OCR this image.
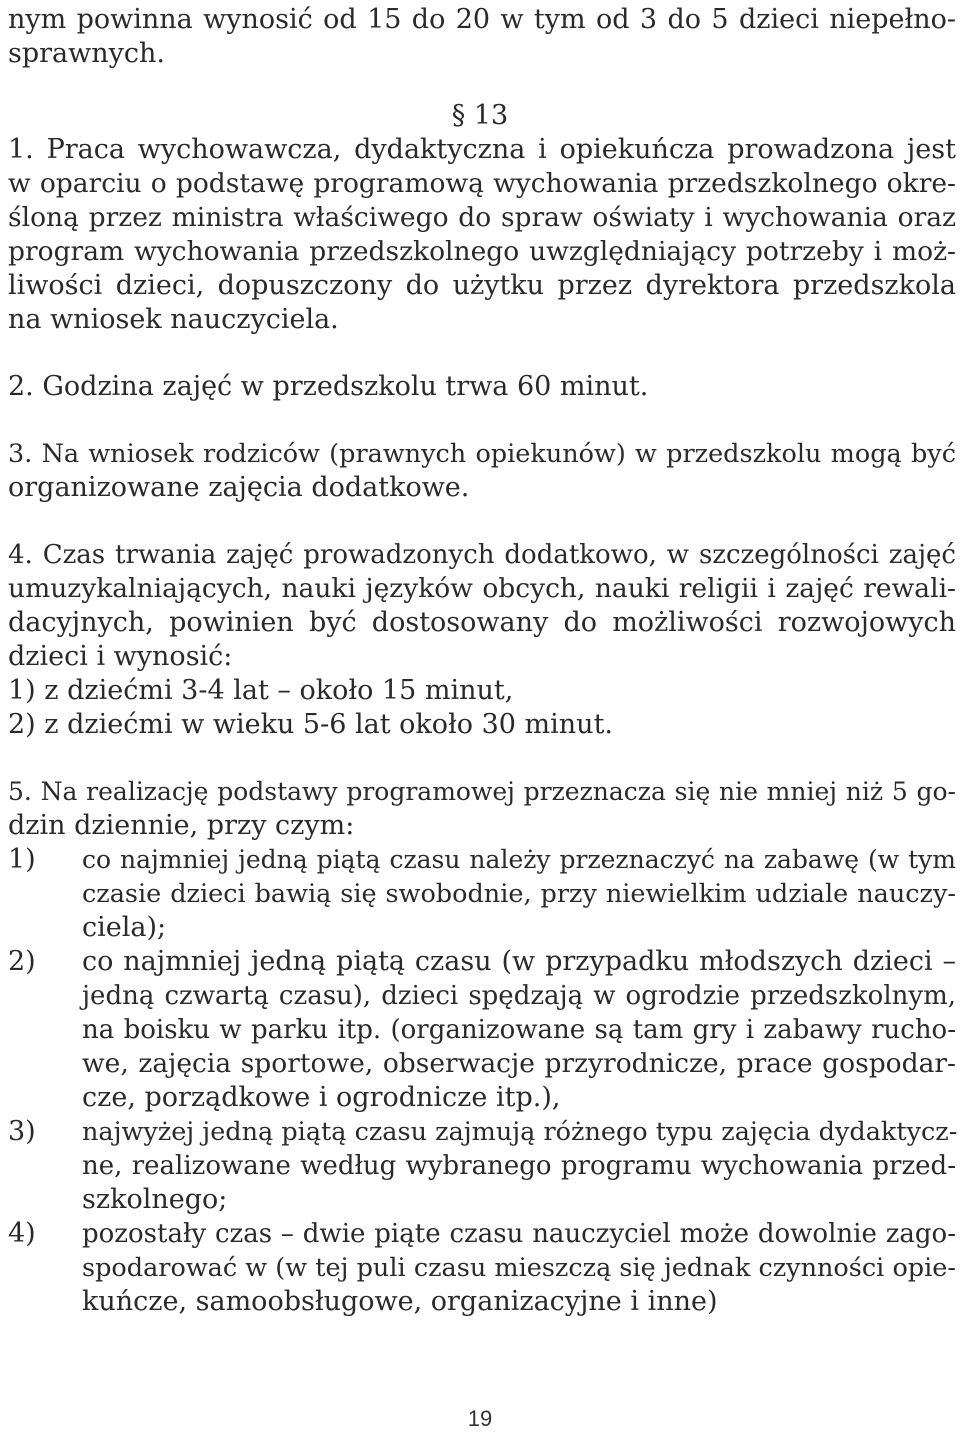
nym powinna wynosić od 15 do 20 w tym od 3 do 5 dzieci niepełno-

sprawnych.

§ 13

1. Praca wychowawcza, dydaktyczna i opiekuńcza prowadzona jest

w oparciu o podstawę programową wychowania przedszkolnego okre-

śloną przez ministra właściwego do spraw oświaty i wychowania oraz

program wychowania przedszkolnego uwzględniający potrzeby i moż-

liwości dzieci, dopuszczony do użytku przez dyrektora przedszkola

na wniosek nauczyciela.

2. Godzina zajęć w przedszkolu trwa 60 minut.

3. Na wniosek rodziców (prawnych opiekunów) w przedszkolu mogą być

organizowane zajęcia dodatkowe.

4. Czas trwania zajęć prowadzonych dodatkowo, w szczególności zajęć

umuzykalniających, nauki języków obcych, nauki religii i zajęć rewali-

dacyjnych, powinien być dostosowany do możliwości rozwojowych

dzieci i wynosić:

1) z dziećmi 3-4 lat – około 15 minut,

2) z dziećmi w wieku 5-6 lat około 30 minut.

5. Na realizację podstawy programowej przeznacza się nie mniej niż 5 go-

dzin dziennie, przy czym:

1) co najmniej jedną piątą czasu należy przeznaczyć na zabawę (w tym

czasie dzieci bawią się swobodnie, przy niewielkim udziale nauczy-

ciela);

2) co najmniej jedną piątą czasu (w przypadku młodszych dzieci –

jedną czwartą czasu), dzieci spędzają w ogrodzie przedszkolnym,

na boisku w parku itp. (organizowane są tam gry i zabawy rucho-

we, zajęcia sportowe, obserwacje przyrodnicze, prace gospodar-

cze, porządkowe i ogrodnicze itp.),

3) najwyżej jedną piątą czasu zajmują różnego typu zajęcia dydaktycz-

ne, realizowane według wybranego programu wychowania przed-

szkolnego;

4) pozostały czas – dwie piąte czasu nauczyciel może dowolnie zago-

spodarować w (w tej puli czasu mieszczą się jednak czynności opie-

kuńcze, samoobsługowe, organizacyjne i inne)

19
